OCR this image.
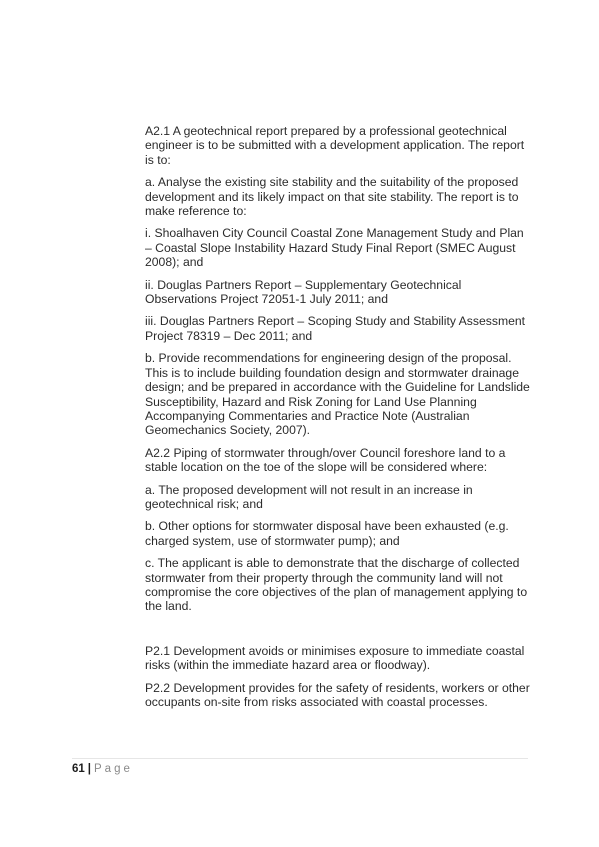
A2.1 A geotechnical report prepared by a professional geotechnical engineer is to be submitted with a development application. The report is to:

a. Analyse the existing site stability and the suitability of the proposed development and its likely impact on that site stability. The report is to make reference to:

i. Shoalhaven City Council Coastal Zone Management Study and Plan – Coastal Slope Instability Hazard Study Final Report (SMEC August 2008); and

ii. Douglas Partners Report – Supplementary Geotechnical Observations Project 72051-1 July 2011; and

iii. Douglas Partners Report – Scoping Study and Stability Assessment Project 78319 – Dec 2011; and

b. Provide recommendations for engineering design of the proposal. This is to include building foundation design and stormwater drainage design; and be prepared in accordance with the Guideline for Landslide Susceptibility, Hazard and Risk Zoning for Land Use Planning Accompanying Commentaries and Practice Note (Australian Geomechanics Society, 2007).

A2.2 Piping of stormwater through/over Council foreshore land to a stable location on the toe of the slope will be considered where:

a. The proposed development will not result in an increase in geotechnical risk; and

b. Other options for stormwater disposal have been exhausted (e.g. charged system, use of stormwater pump); and

c. The applicant is able to demonstrate that the discharge of collected stormwater from their property through the community land will not compromise the core objectives of the plan of management applying to the land.

P2.1 Development avoids or minimises exposure to immediate coastal risks (within the immediate hazard area or floodway).

P2.2 Development provides for the safety of residents, workers or other occupants on-site from risks associated with coastal processes.

61 | Page
